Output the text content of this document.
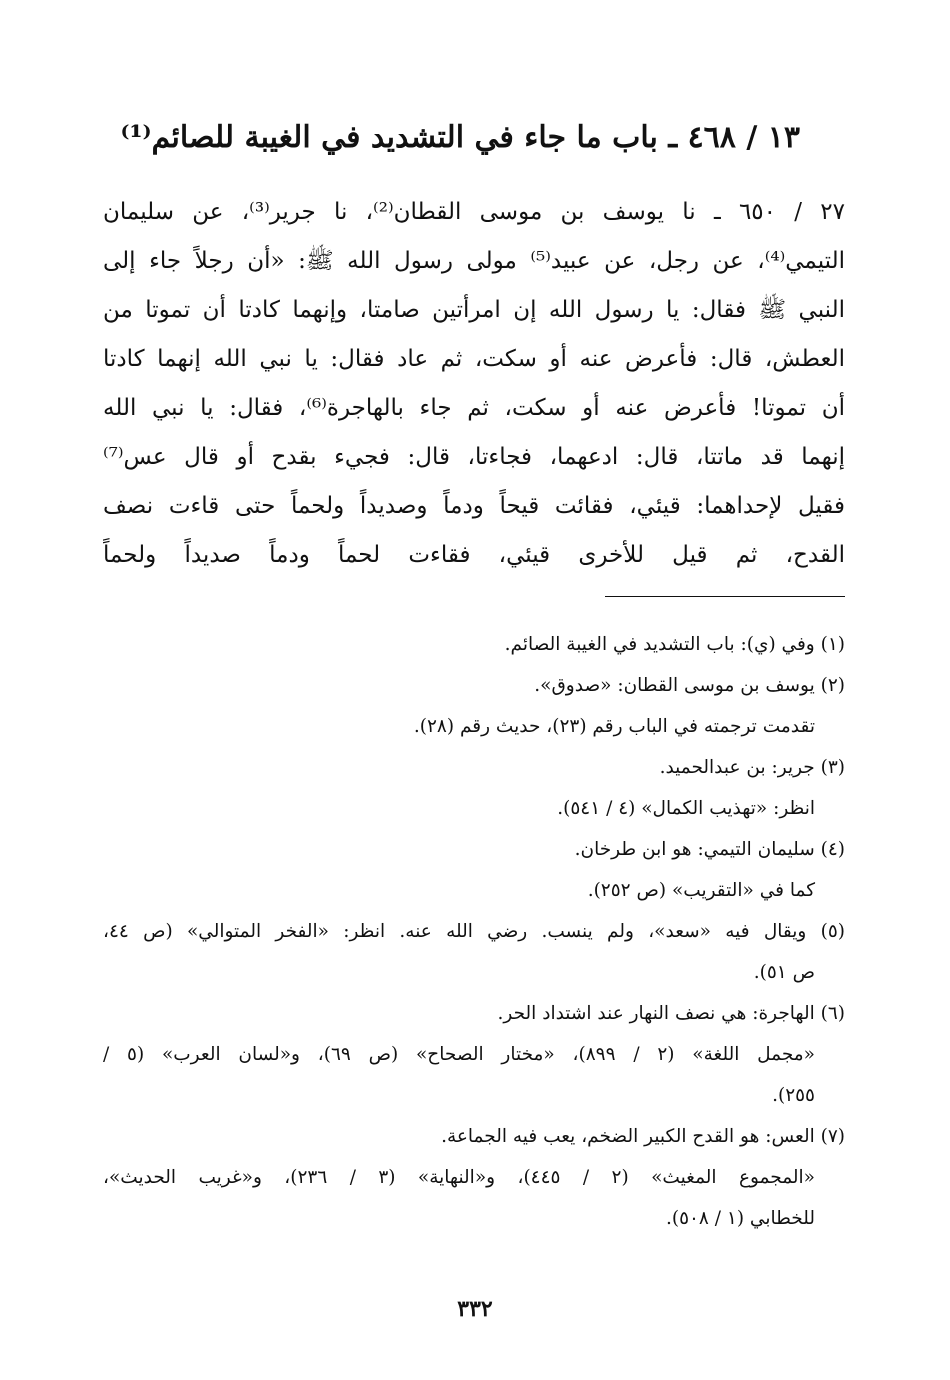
١٣ / ٤٦٨ ـ باب ما جاء في التشديد في الغيبة للصائم⁽¹⁾
٢٧ / ٦٥٠ ـ نا يوسف بن موسى القطان⁽²⁾، نا جرير⁽³⁾، عن سليمان
التيمي⁽⁴⁾، عن رجل، عن عبيد⁽⁵⁾ مولى رسول الله ﷺ: «أن رجلاً جاء إلى
النبي ﷺ فقال: يا رسول الله إن امرأتين صامتا، وإنهما كادتا أن تموتا من
العطش، قال: فأعرض عنه أو سكت، ثم عاد فقال: يا نبي الله إنهما كادتا
أن تموتا! فأعرض عنه أو سكت، ثم جاء بالهاجرة⁽⁶⁾، فقال: يا نبي الله
إنهما قد ماتتا، قال: ادعهما، فجاءتا، قال: فجيء بقدح أو قال عس⁽⁷⁾
فقيل لإحداهما: قيئي، فقائت قيحاً ودماً وصديداً ولحماً حتى قاءت نصف
القدح، ثم قيل للأخرى قيئي، فقاءت لحماً ودماً صديداً ولحماً
(١) وفي (ي): باب التشديد في الغيبة الصائم.
(٢) يوسف بن موسى القطان: «صدوق».
تقدمت ترجمته في الباب رقم (٢٣)، حديث رقم (٢٨).
(٣) جرير: بن عبدالحميد.
انظر: «تهذيب الكمال» (٤ / ٥٤١).
(٤) سليمان التيمي: هو ابن طرخان.
كما في «التقريب» (ص ٢٥٢).
(٥) ويقال فيه «سعد»، ولم ينسب. رضي الله عنه. انظر: «الفخر المتوالي» (ص ٤٤،
ص ٥١).
(٦) الهاجرة: هي نصف النهار عند اشتداد الحر.
«مجمل اللغة» (٢ / ٨٩٩)، «مختار الصحاح» (ص ٦٩)، و«لسان العرب» (٥ /
٢٥٥).
(٧) العس: هو القدح الكبير الضخم، يعب فيه الجماعة.
«المجموع المغيث» (٢ / ٤٤٥)، و«النهاية» (٣ / ٢٣٦)، و«غريب الحديث»،
للخطابي (١ / ٥٠٨).
٣٣٢
